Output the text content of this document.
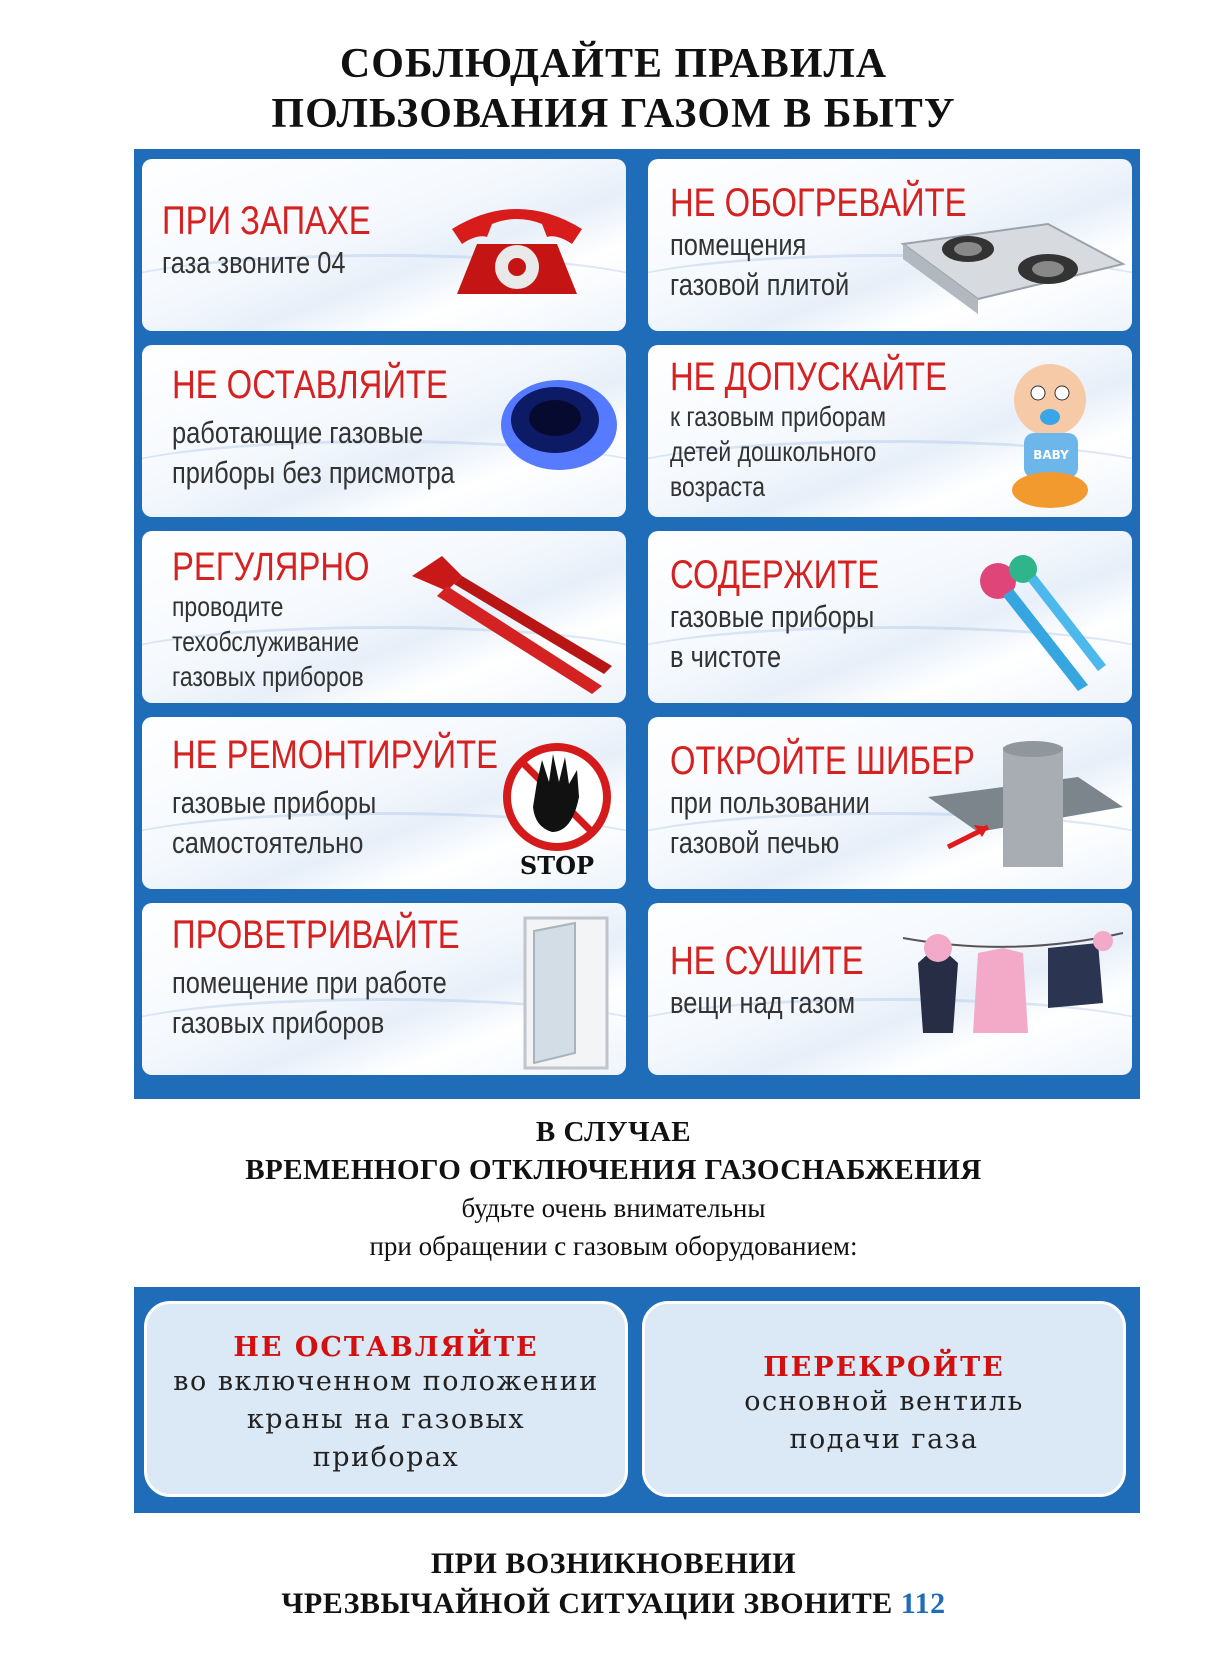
СОБЛЮДАЙТЕ ПРАВИЛА
ПОЛЬЗОВАНИЯ ГАЗОМ В БЫТУ
ПРИ ЗАПАХЕ
газа звоните 04
НЕ ОБОГРЕВАЙТЕ
помещения
газовой плитой
НЕ ОСТАВЛЯЙТЕ
работающие газовые
приборы без присмотра
НЕ ДОПУСКАЙТЕ
к газовым приборам
детей дошкольного
возраста
BABY
РЕГУЛЯРНО
проводите
техобслуживание
газовых приборов
СОДЕРЖИТЕ
газовые приборы
в чистоте
НЕ РЕМОНТИРУЙТЕ
газовые приборы
самостоятельно
STOP
ОТКРОЙТЕ ШИБЕР
при пользовании
газовой печью
ПРОВЕТРИВАЙТЕ
помещение при работе
газовых приборов
НЕ СУШИТЕ
вещи над газом
В СЛУЧАЕ
ВРЕМЕННОГО ОТКЛЮЧЕНИЯ ГАЗОСНАБЖЕНИЯ
будьте очень внимательны
при обращении с газовым оборудованием:
НЕ ОСТАВЛЯЙТЕ
во включенном положении
краны на газовых
приборах
ПЕРЕКРОЙТЕ
основной вентиль
подачи газа
ПРИ ВОЗНИКНОВЕНИИ
ЧРЕЗВЫЧАЙНОЙ СИТУАЦИИ ЗВОНИТЕ 112
